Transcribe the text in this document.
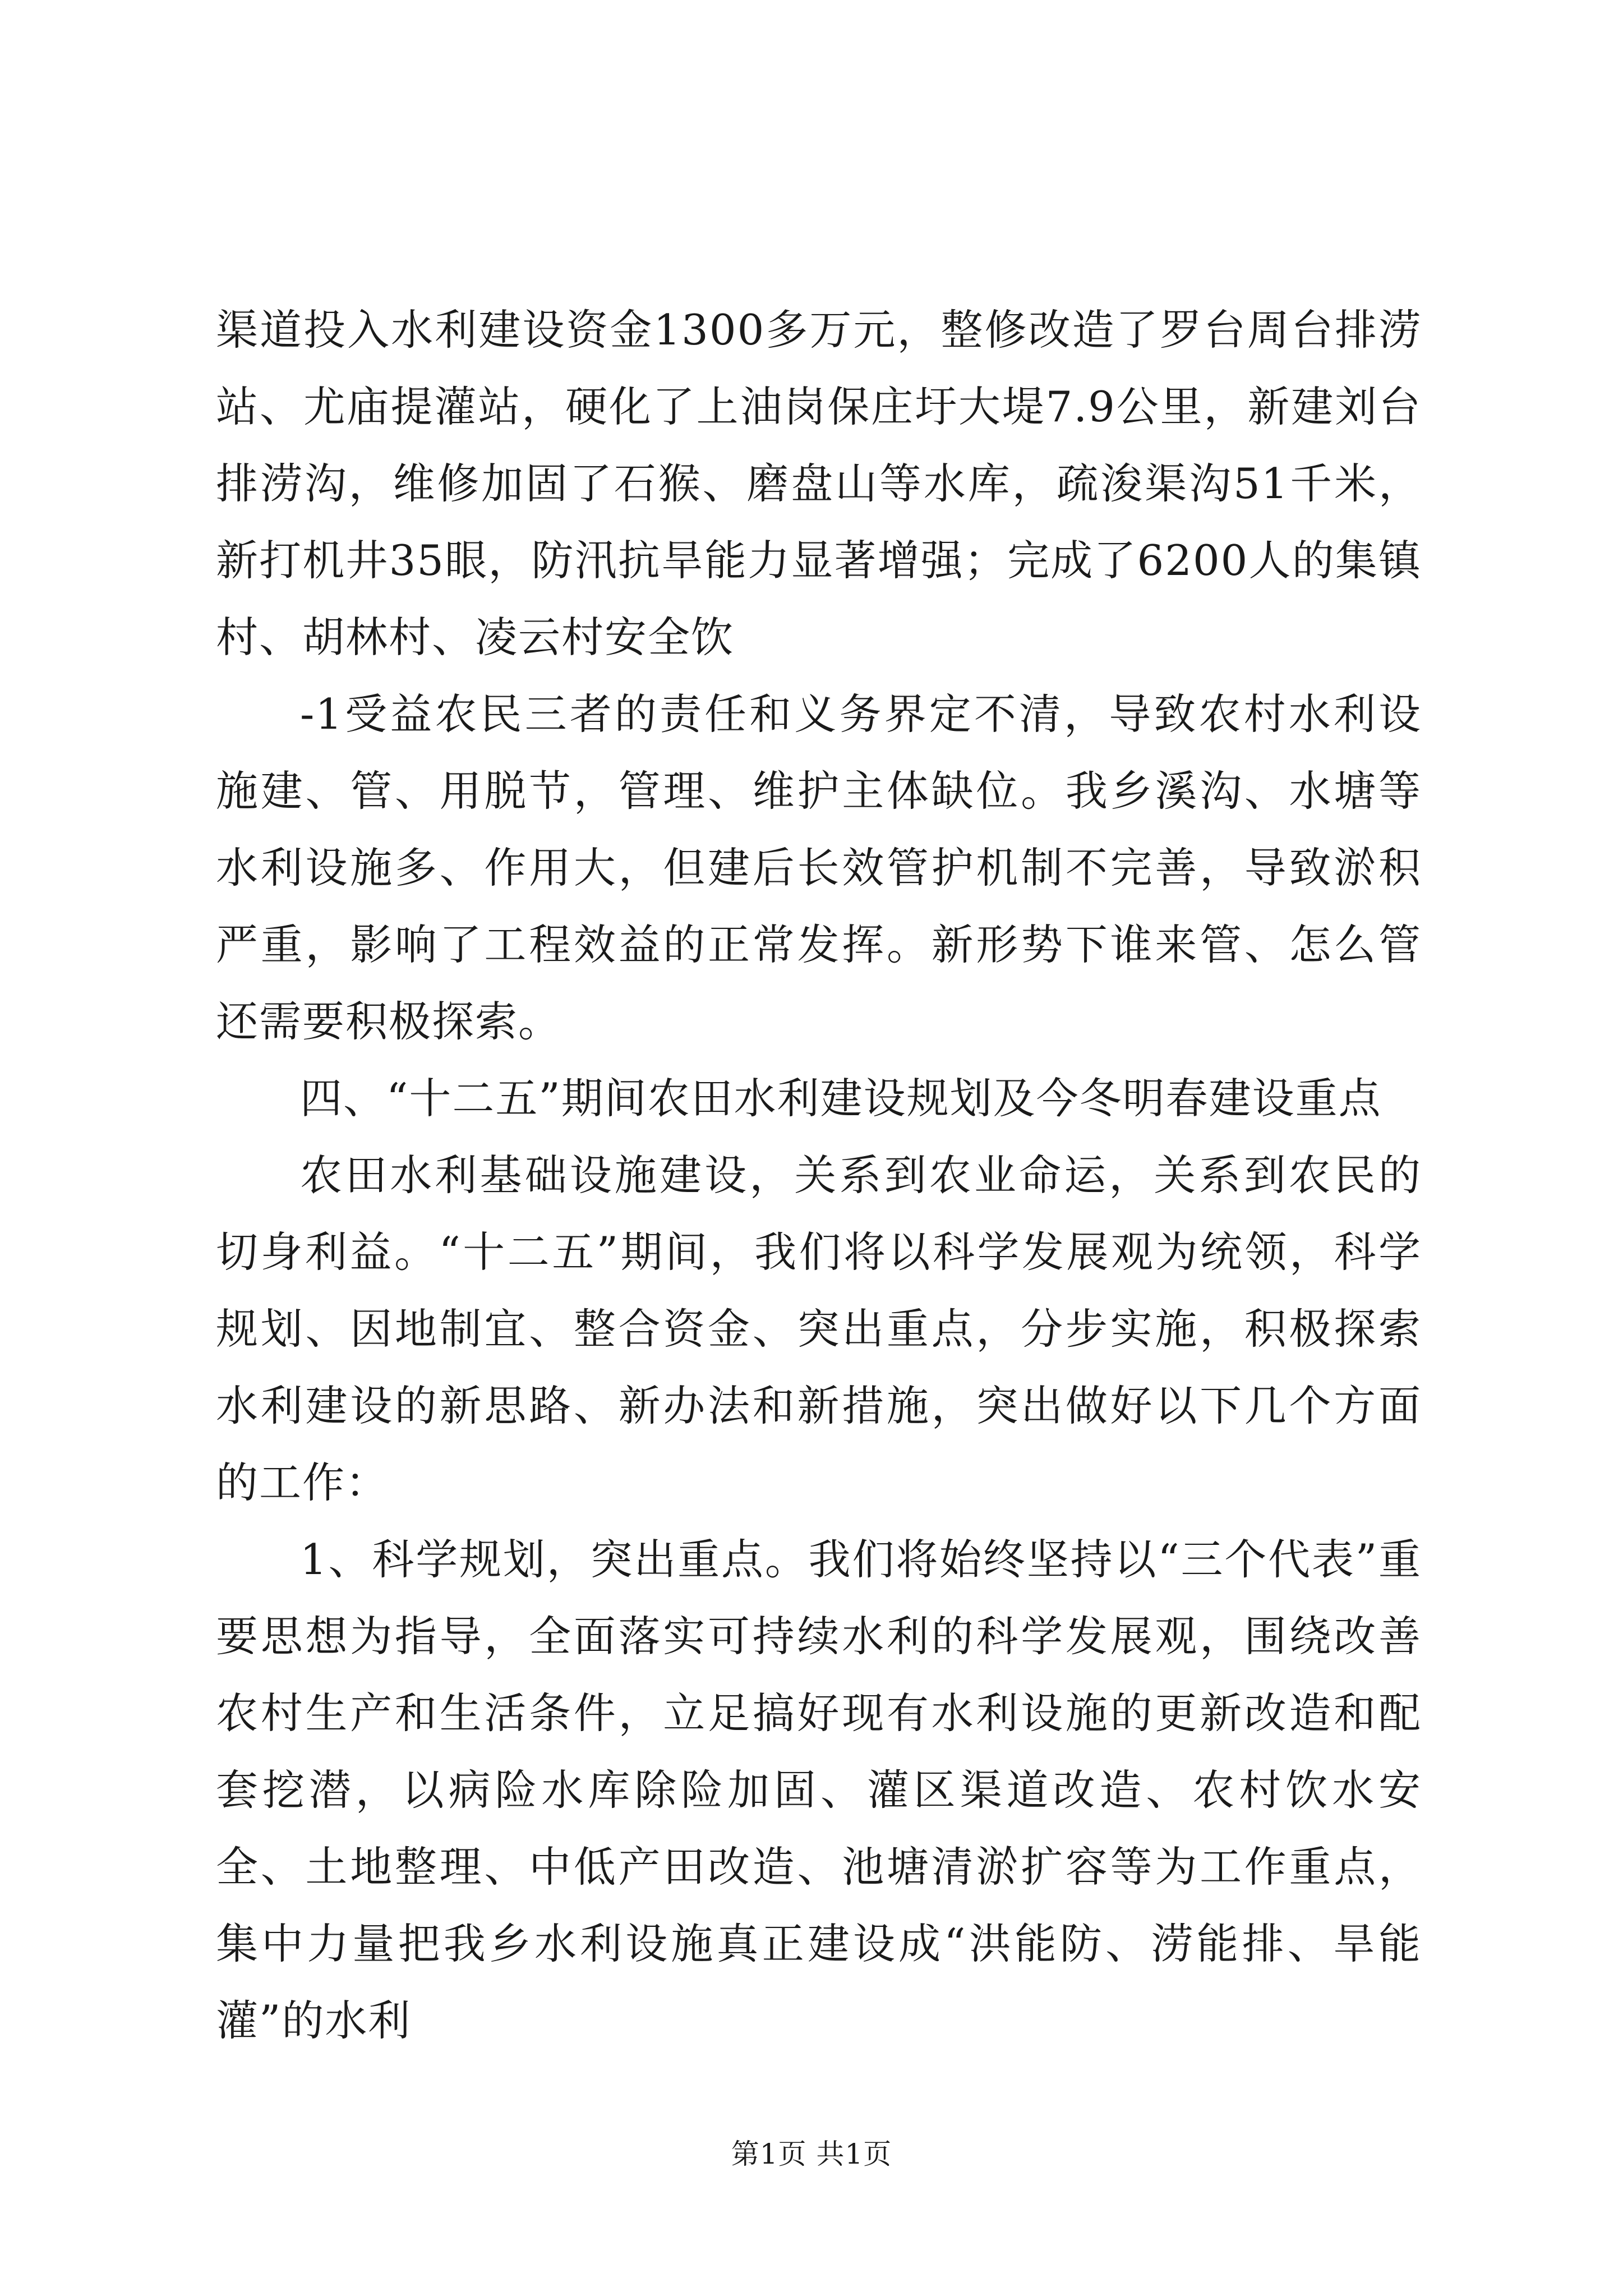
渠道投入水利建设资金1300多万元，整修改造了罗台周台排涝站、尤庙提灌站，硬化了上油岗保庄圩大堤7.9公里，新建刘台排涝沟，维修加固了石猴、磨盘山等水库，疏浚渠沟51千米，新打机井35眼，防汛抗旱能力显著增强；完成了6200人的集镇村、胡林村、凌云村安全饮

-1受益农民三者的责任和义务界定不清，导致农村水利设施建、管、用脱节，管理、维护主体缺位。我乡溪沟、水塘等水利设施多、作用大，但建后长效管护机制不完善，导致淤积严重，影响了工程效益的正常发挥。新形势下谁来管、怎么管还需要积极探索。

四、“十二五”期间农田水利建设规划及今冬明春建设重点

农田水利基础设施建设，关系到农业命运，关系到农民的切身利益。“十二五”期间，我们将以科学发展观为统领，科学规划、因地制宜、整合资金、突出重点，分步实施，积极探索水利建设的新思路、新办法和新措施，突出做好以下几个方面的工作：

1、科学规划，突出重点。我们将始终坚持以“三个代表”重要思想为指导，全面落实可持续水利的科学发展观，围绕改善农村生产和生活条件，立足搞好现有水利设施的更新改造和配套挖潜，以病险水库除险加固、灌区渠道改造、农村饮水安全、土地整理、中低产田改造、池塘清淤扩容等为工作重点，集中力量把我乡水利设施真正建设成“洪能防、涝能排、旱能灌”的水利

第1页 共1页
